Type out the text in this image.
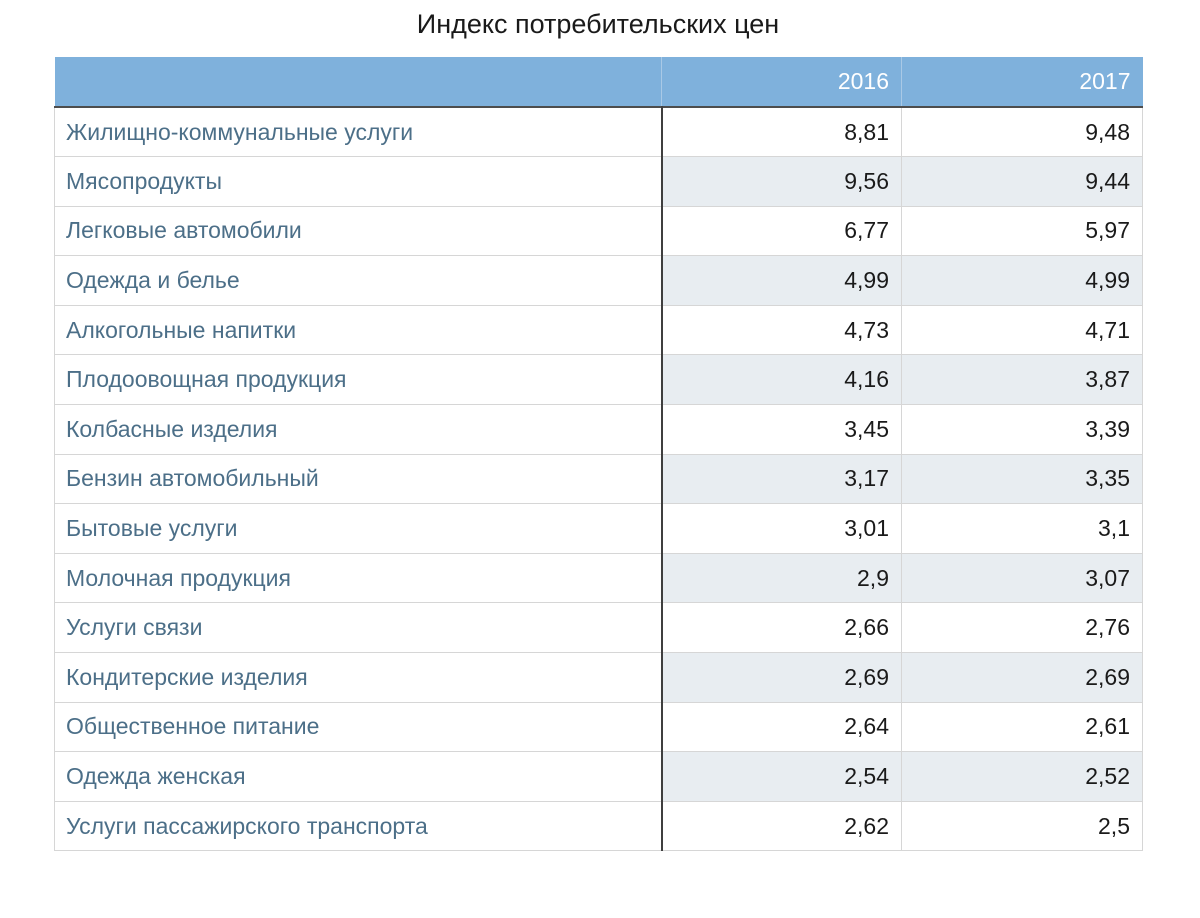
Индекс потребительских цен
	2016	2017
Жилищно-коммунальные услуги	8,81	9,48
Мясопродукты	9,56	9,44
Легковые автомобили	6,77	5,97
Одежда и белье	4,99	4,99
Алкогольные напитки	4,73	4,71
Плодоовощная продукция	4,16	3,87
Колбасные изделия	3,45	3,39
Бензин автомобильный	3,17	3,35
Бытовые услуги	3,01	3,1
Молочная продукция	2,9	3,07
Услуги связи	2,66	2,76
Кондитерские изделия	2,69	2,69
Общественное питание	2,64	2,61
Одежда женская	2,54	2,52
Услуги пассажирского транспорта	2,62	2,5
